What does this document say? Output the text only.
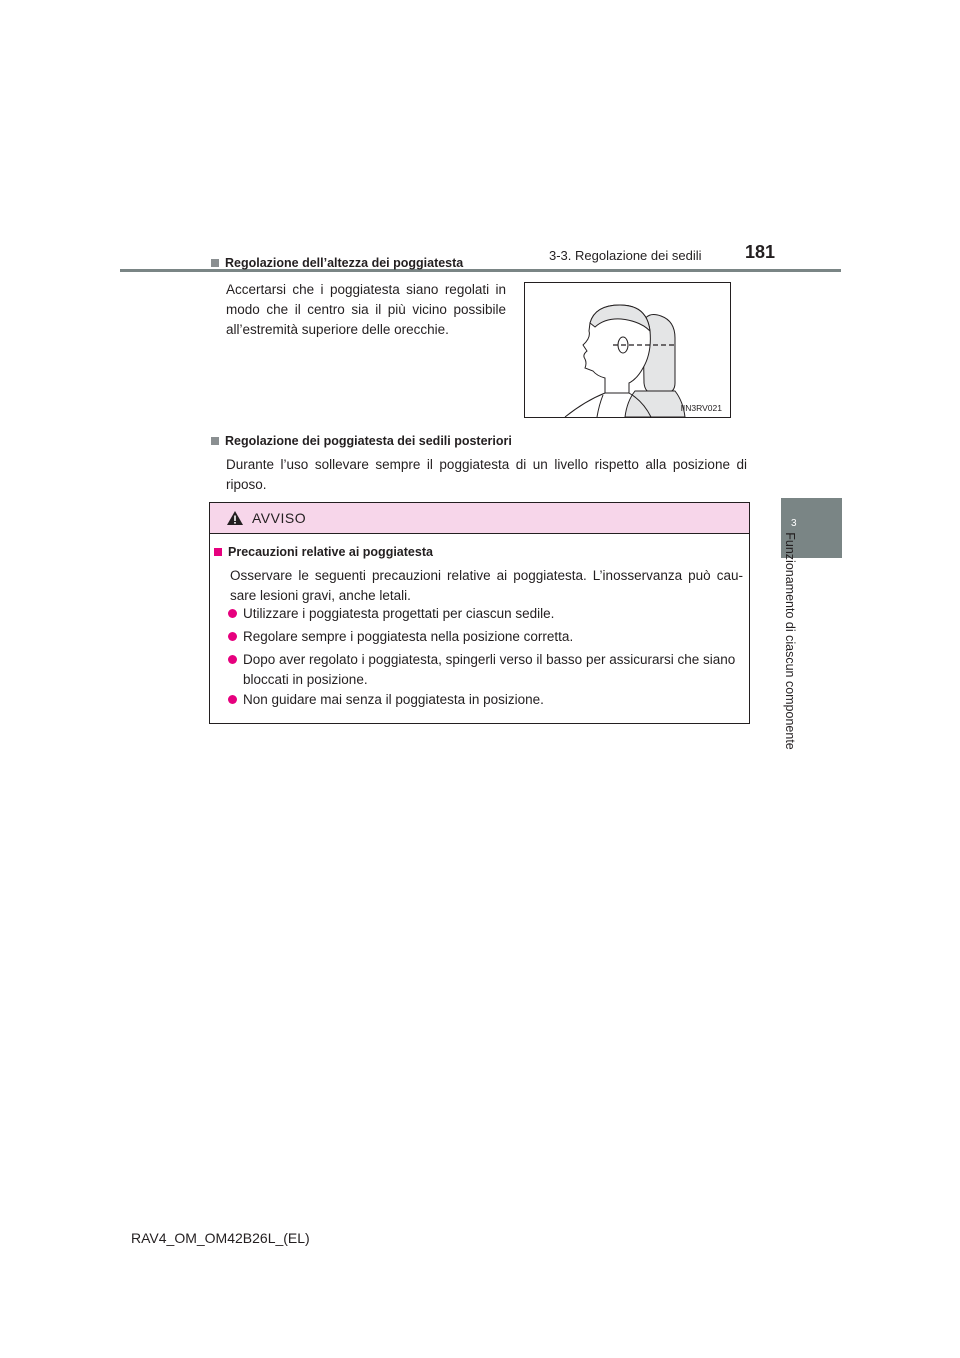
3-3. Regolazione dei sedili 181
3
Funzionamento di ciascun componente
Regolazione dell’altezza dei poggiatesta
Accertarsi che i poggiatesta siano regolati in
modo che il centro sia il più vicino possibile
all’estremità superiore delle orecchie.
IIN3RV021
Regolazione dei poggiatesta dei sedili posteriori
Durante l’uso sollevare sempre il poggiatesta di un livello rispetto alla posizione di
riposo.
AVVISO
Precauzioni relative ai poggiatesta
Osservare le seguenti precauzioni relative ai poggiatesta. L’inosservanza può cau-
sare lesioni gravi, anche letali.
Utilizzare i poggiatesta progettati per ciascun sedile.
Regolare sempre i poggiatesta nella posizione corretta.
Dopo aver regolato i poggiatesta, spingerli verso il basso per assicurarsi che siano
bloccati in posizione.
Non guidare mai senza il poggiatesta in posizione.
RAV4_OM_OM42B26L_(EL)
